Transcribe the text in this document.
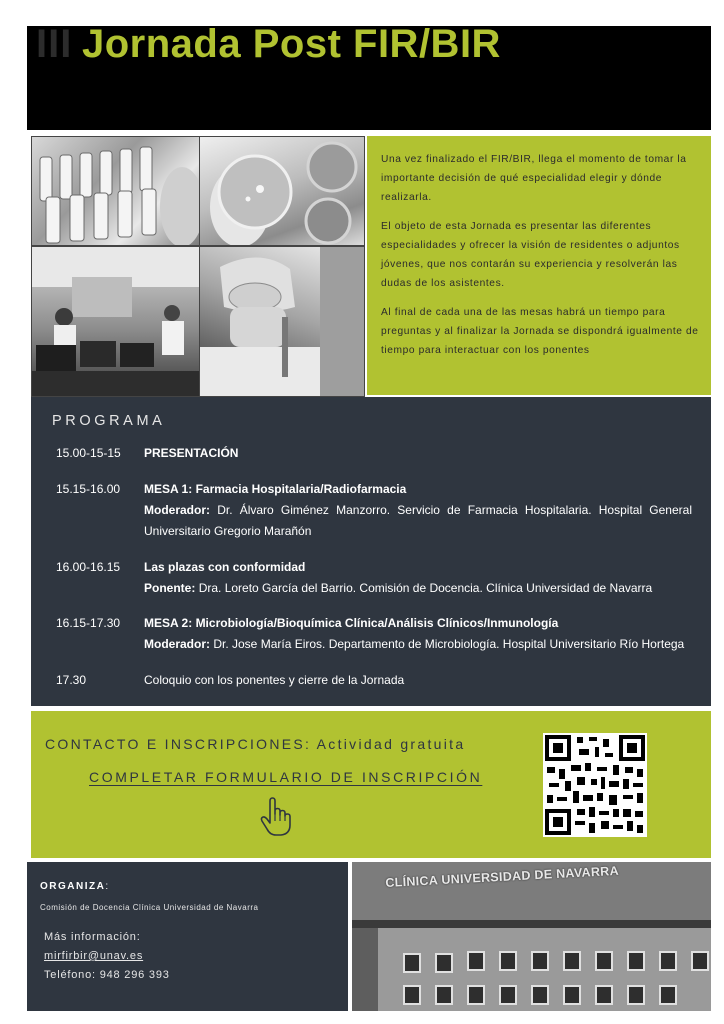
III Jornada Post FIR/BIR

Una vez finalizado el FIR/BIR, llega el momento de tomar la importante decisión de qué especialidad elegir y dónde realizarla.

El objeto de esta Jornada es presentar las diferentes especialidades y ofrecer la visión de residentes o adjuntos jóvenes, que nos contarán su experiencia y resolverán las dudas de los asistentes.

Al final de cada una de las mesas habrá un tiempo para preguntas y al finalizar la Jornada se dispondrá igualmente de tiempo para interactuar con los ponentes

15.00-15-15 PRESENTACIÓN
15.15-16.00 MESA 1: Farmacia Hospitalaria/Radiofarmacia
Moderador: Dr. Álvaro Giménez Manzorro. Servicio de Farmacia Hospitalaria. Hospital General Universitario Gregorio Marañón
16.00-16.15 Las plazas con conformidad
Ponente: Dra. Loreto García del Barrio. Comisión de Docencia. Clínica Universidad de Navarra
16.15-17.30 MESA 2: Microbiología/Bioquímica Clínica/Análisis Clínicos/Inmunología
Moderador: Dr. Jose María Eiros. Departamento de Microbiología. Hospital Universitario Río Hortega
17.30	Coloquio con los ponentes y cierre de la Jornada
PROGRAMA
CONTACTO E INSCRIPCIONES: Actividad gratuita
COMPLETAR FORMULARIO DE INSCRIPCIÓN
ORGANIZA:
Comisión de Docencia Clínica Universidad de Navarra
Más información:
mirfirbir@unav.es
Teléfono: 948 296 393
CLÍNICA UNIVERSIDAD DE NAVARRA
